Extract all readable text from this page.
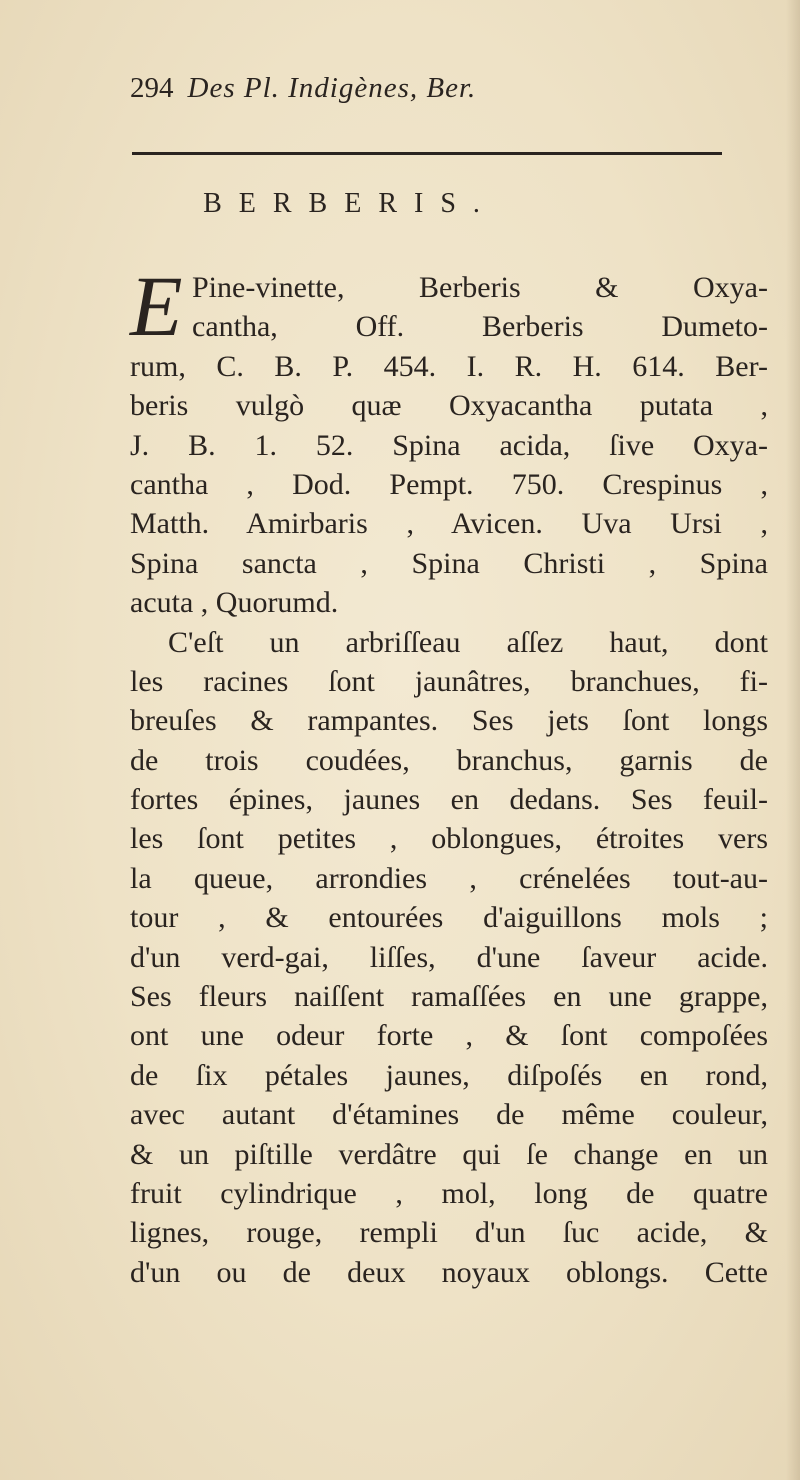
294 Des Pl. Indigènes, Ber.
BERBERIS.
E Pine-vinette, Berberis & Oxya-
cantha, Off. Berberis Dumeto-
rum, C. B. P. 454. I. R. H. 614. Ber-
beris vulgò quæ Oxyacantha putata ,
J. B. 1. 52. Spina acida, ſive Oxya-
cantha , Dod. Pempt. 750. Crespinus ,
Matth. Amirbaris , Avicen. Uva Ursi ,
Spina sancta , Spina Christi , Spina
acuta , Quorumd.
C'eſt un arbriſſeau aſſez haut, dont
les racines ſont jaunâtres, branchues, fi-
breuſes & rampantes. Ses jets ſont longs
de trois coudées, branchus, garnis de
fortes épines, jaunes en dedans. Ses feuil-
les ſont petites , oblongues, étroites vers
la queue, arrondies , crénelées tout-au-
tour , & entourées d'aiguillons mols ;
d'un verd-gai, liſſes, d'une ſaveur acide.
Ses fleurs naiſſent ramaſſées en une grappe,
ont une odeur forte , & ſont compoſées
de ſix pétales jaunes, diſpoſés en rond,
avec autant d'étamines de même couleur,
& un piſtille verdâtre qui ſe change en un
fruit cylindrique , mol, long de quatre
lignes, rouge, rempli d'un ſuc acide, &
d'un ou de deux noyaux oblongs. Cette
